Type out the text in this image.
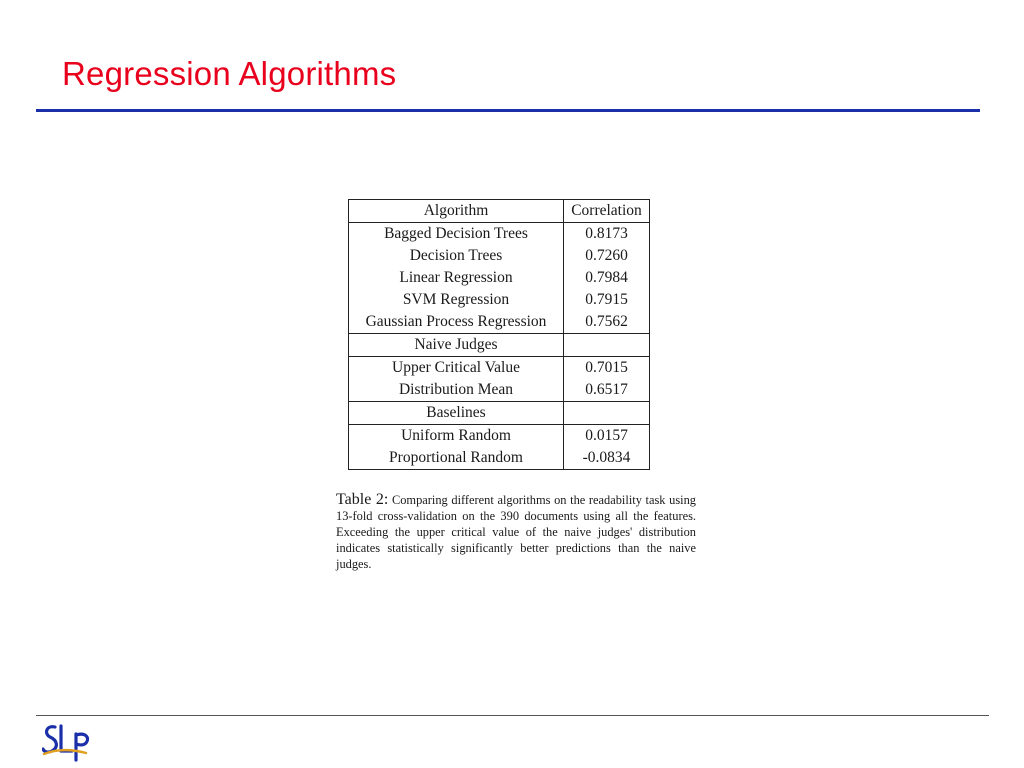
Regression Algorithms
Algorithm	Correlation
Bagged Decision Trees	0.8173
Decision Trees	0.7260
Linear Regression	0.7984
SVM Regression	0.7915
Gaussian Process Regression	0.7562
Naive Judges	
Upper Critical Value	0.7015
Distribution Mean	0.6517
Baselines	
Uniform Random	0.0157
Proportional Random	-0.0834
Table 2: Comparing different algorithms on the readability task using 13-fold cross-validation on the 390 documents using all the features. Exceeding the upper critical value of the naive judges' distribution indicates statistically significantly better predictions than the naive judges.
